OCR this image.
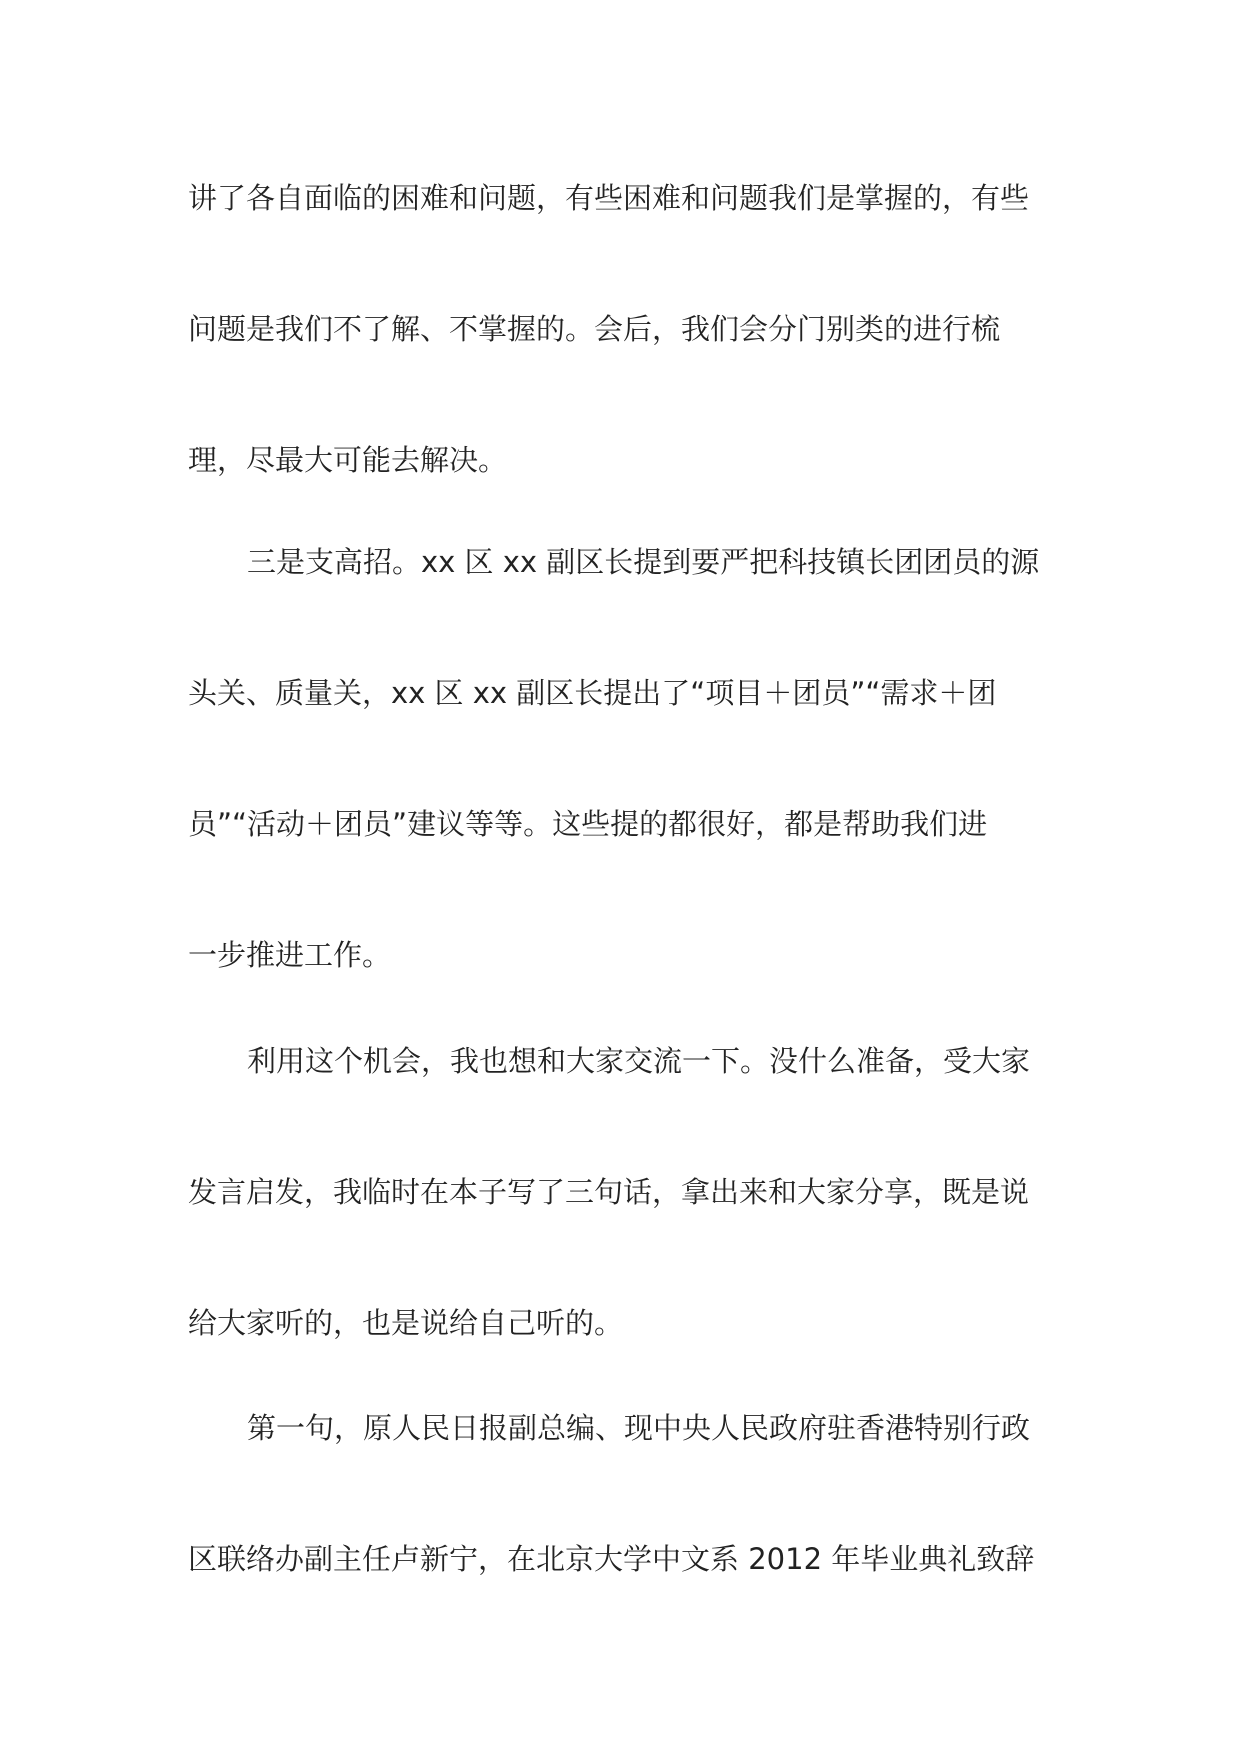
讲了各自面临的困难和问题，有些困难和问题我们是掌握的，有些
问题是我们不了解、不掌握的。会后，我们会分门别类的进行梳
理，尽最大可能去解决。
三是支高招。xx 区 xx 副区长提到要严把科技镇长团团员的源
头关、质量关，xx 区 xx 副区长提出了“项目＋团员”“需求＋团
员”“活动＋团员”建议等等。这些提的都很好，都是帮助我们进
一步推进工作。
利用这个机会，我也想和大家交流一下。没什么准备，受大家
发言启发，我临时在本子写了三句话，拿出来和大家分享，既是说
给大家听的，也是说给自己听的。
第一句，原人民日报副总编、现中央人民政府驻香港特别行政
区联络办副主任卢新宁，在北京大学中文系 2012 年毕业典礼致辞
